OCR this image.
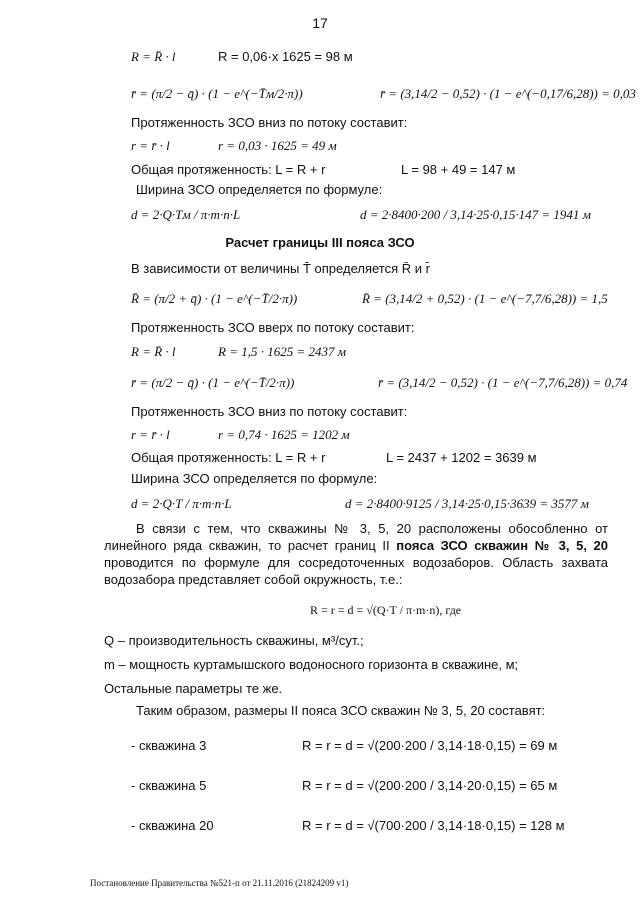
17
R = R̄ · l	R = 0,06·x 1625 = 98 м
r̄ = (π/2 − q̄) · (1 − e^(−T̄м/2·π))	r̄ = (3,14/2 − 0,52) · (1 − e^(−0,17/6,28)) = 0,03
Протяженность ЗСО вниз по потоку составит:
r = r̄ · l	r = 0,03 · 1625 = 49 м
Общая протяженность: L = R + r	L = 98 + 49 = 147 м
Ширина ЗСО определяется по формуле:
d = 2·Q·Tм / π·m·n·L	d = 2·8400·200 / 3,14·25·0,15·147 = 1941 м
Расчет границы III пояса ЗСО
В зависимости от величины T̄ определяется R̄ и r̄
R̄ = (π/2 + q̄) · (1 − e^(−T̄/2·π))	R̄ = (3,14/2 + 0,52) · (1 − e^(−7,7/6,28)) = 1,5
Протяженность ЗСО вверх по потоку составит:
R = R̄ · l	R = 1,5 · 1625 = 2437 м
r̄ = (π/2 − q̄) · (1 − e^(−T̄/2·π))	r̄ = (3,14/2 − 0,52) · (1 − e^(−7,7/6,28)) = 0,74
Протяженность ЗСО вниз по потоку составит:
r = r̄ · l	r = 0,74 · 1625 = 1202 м
Общая протяженность: L = R + r	L = 2437 + 1202 = 3639 м
Ширина ЗСО определяется по формуле:
d = 2·Q·T / π·m·n·L	d = 2·8400·9125 / 3,14·25·0,15·3639 = 3577 м
В связи с тем, что скважины № 3, 5, 20 расположены обособленно от линейного ряда скважин, то расчет границ II пояса ЗСО скважин № 3, 5, 20 проводится по формуле для сосредоточенных водозаборов. Область захвата водозабора представляет собой окружность, т.е.:
R = r = d = √(Q·T / π·m·n), где
Q – производительность скважины, м³/сут.;
m – мощность куртамышского водоносного горизонта в скважине, м;
Остальные параметры те же.
Таким образом, размеры II пояса ЗСО скважин № 3, 5, 20 составят:
- скважина 3	R = r = d = √(200·200 / 3,14·18·0,15) = 69 м
- скважина 5	R = r = d = √(200·200 / 3,14·20·0,15) = 65 м
- скважина 20	R = r = d = √(700·200 / 3,14·18·0,15) = 128 м
Постановление Правительства №521-п от 21.11.2016 (21824209 v1)
